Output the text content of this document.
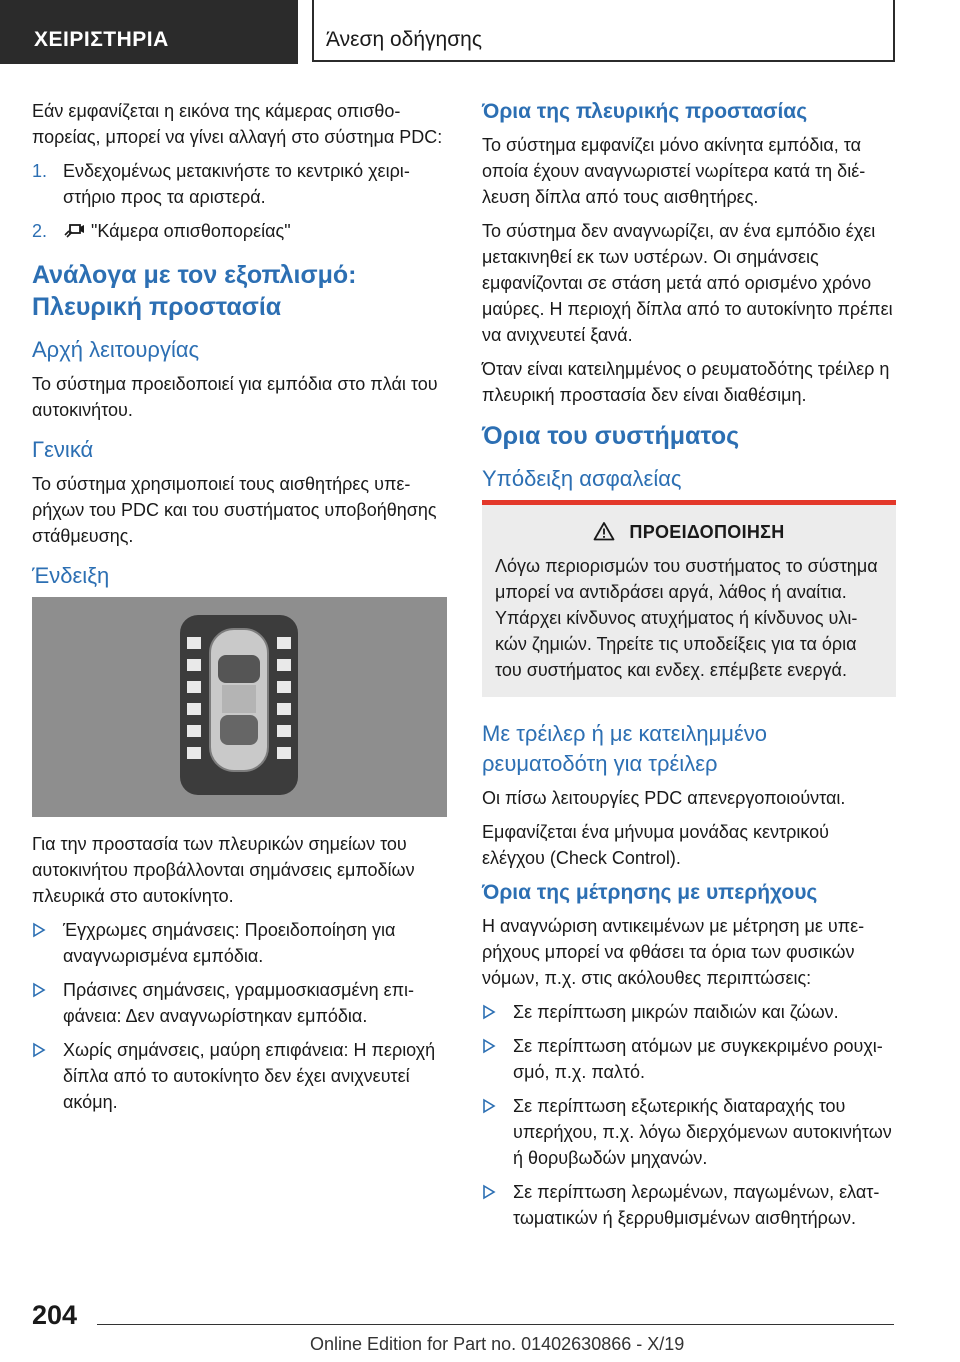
ΧΕΙΡΙΣΤΗΡΙΑ	Άνεση οδήγησης

Εάν εμφανίζεται η εικόνα της κάμερας οπισθοπορείας, μπορεί να γίνει αλλαγή στο σύστημα PDC:

1. Ενδεχομένως μετακινήστε το κεντρικό χειριστήριο προς τα αριστερά.
2. "Κάμερα οπισθοπορείας"
Ανάλογα με τον εξοπλισμό: Πλευρική προστασία
Αρχή λειτουργίας

Το σύστημα προειδοποιεί για εμπόδια στο πλάι του αυτοκινήτου.

Γενικά

Το σύστημα χρησιμοποιεί τους αισθητήρες υπερήχων του PDC και του συστήματος υποβοήθησης στάθμευσης.

Ένδειξη

Για την προστασία των πλευρικών σημείων του αυτοκινήτου προβάλλονται σημάνσεις εμποδίων πλευρικά στο αυτοκίνητο.

Έγχρωμες σημάνσεις: Προειδοποίηση για αναγνωρισμένα εμπόδια.
Πράσινες σημάνσεις, γραμμοσκιασμένη επιφάνεια: Δεν αναγνωρίστηκαν εμπόδια.
Χωρίς σημάνσεις, μαύρη επιφάνεια: Η περιοχή δίπλα από το αυτοκίνητο δεν έχει ανιχνευτεί ακόμη.
Όρια της πλευρικής προστασίας

Το σύστημα εμφανίζει μόνο ακίνητα εμπόδια, τα οποία έχουν αναγνωριστεί νωρίτερα κατά τη διέλευση δίπλα από τους αισθητήρες.

Το σύστημα δεν αναγνωρίζει, αν ένα εμπόδιο έχει μετακινηθεί εκ των υστέρων. Οι σημάνσεις εμφανίζονται σε στάση μετά από ορισμένο χρόνο μαύρες. Η περιοχή δίπλα από το αυτοκίνητο πρέπει να ανιχνευτεί ξανά.

Όταν είναι κατειλημμένος ο ρευματοδότης τρέιλερ η πλευρική προστασία δεν είναι διαθέσιμη.

Όρια του συστήματος
Υπόδειξη ασφαλείας
ΠΡΟΕΙΔΟΠΟΙΗΣΗ

Λόγω περιορισμών του συστήματος το σύστημα μπορεί να αντιδράσει αργά, λάθος ή αναίτια. Υπάρχει κίνδυνος ατυχήματος ή κίνδυνος υλικών ζημιών. Τηρείτε τις υποδείξεις για τα όρια του συστήματος και ενδεχ. επέμβετε ενεργά.

Με τρέιλερ ή με κατειλημμένο ρευματοδότη για τρέιλερ

Οι πίσω λειτουργίες PDC απενεργοποιούνται.

Εμφανίζεται ένα μήνυμα μονάδας κεντρικού ελέγχου (Check Control).

Όρια της μέτρησης με υπερήχους

Η αναγνώριση αντικειμένων με μέτρηση με υπερήχους μπορεί να φθάσει τα όρια των φυσικών νόμων, π.χ. στις ακόλουθες περιπτώσεις:

Σε περίπτωση μικρών παιδιών και ζώων.
Σε περίπτωση ατόμων με συγκεκριμένο ρουχισμό, π.χ. παλτό.
Σε περίπτωση εξωτερικής διαταραχής του υπερήχου, π.χ. λόγω διερχόμενων αυτοκινήτων ή θορυβωδών μηχανών.
Σε περίπτωση λερωμένων, παγωμένων, ελαττωματικών ή ξερρυθμισμένων αισθητήρων.
204
Online Edition for Part no. 01402630866 - X/19
